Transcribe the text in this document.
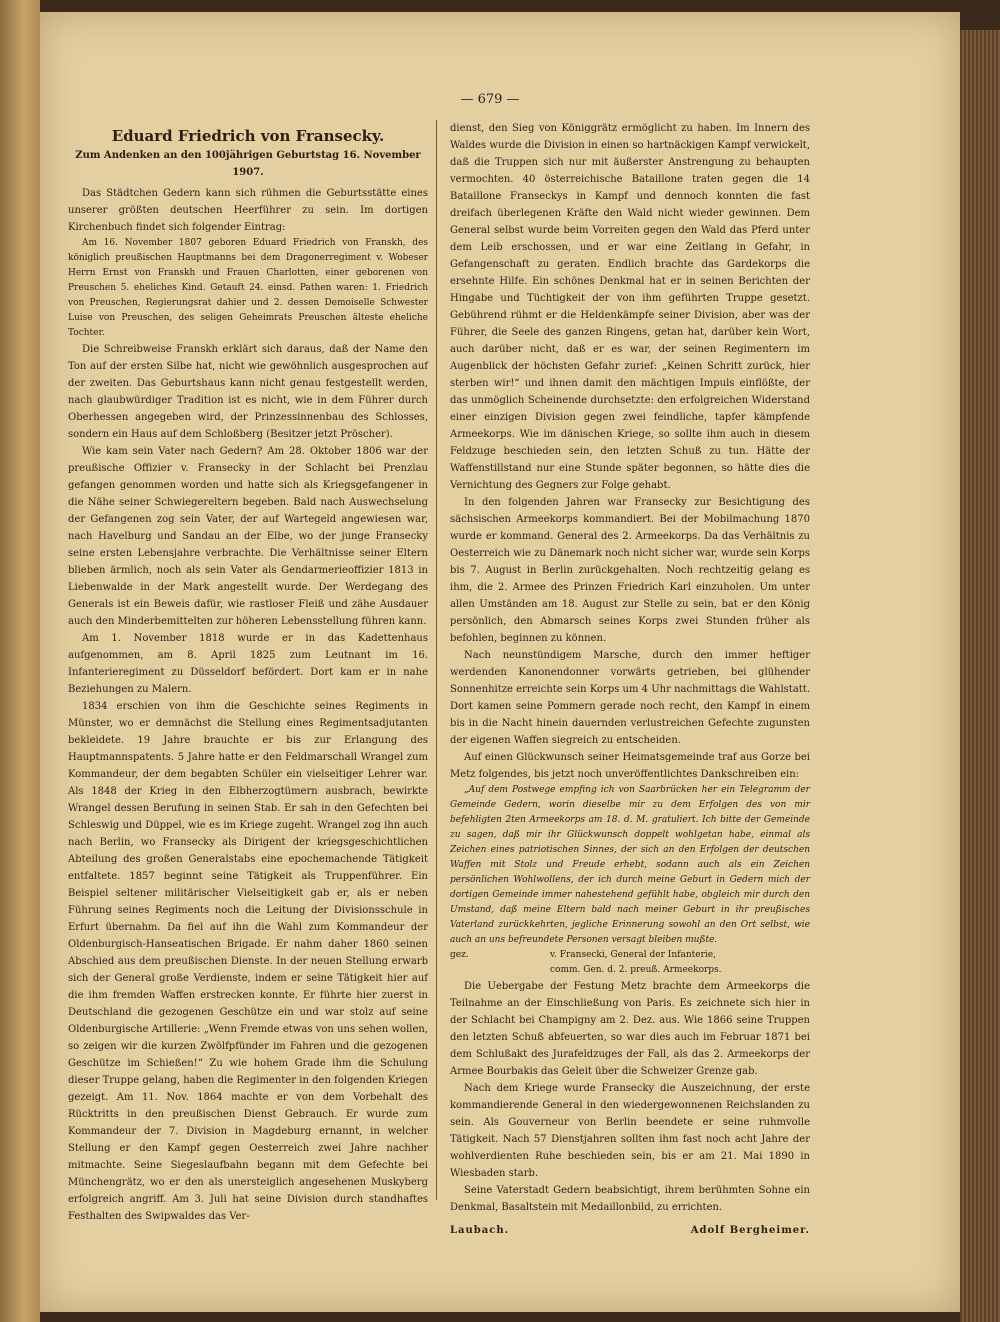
— 679 —
Eduard Friedrich von Fransecky.
Zum Andenken an den 100jährigen Geburtstag 16. November 1907.

Das Städtchen Gedern kann sich rühmen die Geburtsstätte eines unserer größten deutschen Heerführer zu sein. Im dortigen Kirchenbuch findet sich folgender Eintrag:

Am 16. November 1807 geboren Eduard Friedrich von Franskh, des königlich preußischen Hauptmanns bei dem Dragonerregiment v. Wobeser Herrn Ernst von Franskh und Frauen Charlotten, einer geborenen von Preuschen 5. eheliches Kind. Getauft 24. einsd. Pathen waren: 1. Friedrich von Preuschen, Regierungsrat dahier und 2. dessen Demoiselle Schwester Luise von Preuschen, des seligen Geheimrats Preuschen älteste eheliche Tochter.

Die Schreibweise Franskh erklärt sich daraus, daß der Name den Ton auf der ersten Silbe hat, nicht wie gewöhnlich ausgesprochen auf der zweiten. Das Geburtshaus kann nicht genau festgestellt werden, nach glaubwürdiger Tradition ist es nicht, wie in dem Führer durch Oberhessen angegeben wird, der Prinzessinnenbau des Schlosses, sondern ein Haus auf dem Schloßberg (Besitzer jetzt Pröscher).

Wie kam sein Vater nach Gedern? Am 28. Oktober 1806 war der preußische Offizier v. Fransecky in der Schlacht bei Prenzlau gefangen genommen worden und hatte sich als Kriegsgefangener in die Nähe seiner Schwiegereltern begeben. Bald nach Auswechselung der Gefangenen zog sein Vater, der auf Wartegeld angewiesen war, nach Havelburg und Sandau an der Elbe, wo der junge Fransecky seine ersten Lebensjahre verbrachte. Die Verhältnisse seiner Eltern blieben ärmlich, noch als sein Vater als Gendarmerieoffizier 1813 in Liebenwalde in der Mark angestellt wurde. Der Werdegang des Generals ist ein Beweis dafür, wie rastloser Fleiß und zähe Ausdauer auch den Minderbemittelten zur höheren Lebensstellung führen kann.

Am 1. November 1818 wurde er in das Kadettenhaus aufgenommen, am 8. April 1825 zum Leutnant im 16. Infanterieregiment zu Düsseldorf befördert. Dort kam er in nahe Beziehungen zu Malern.

1834 erschien von ihm die Geschichte seines Regiments in Münster, wo er demnächst die Stellung eines Regimentsadjutanten bekleidete. 19 Jahre brauchte er bis zur Erlangung des Hauptmannspatents. 5 Jahre hatte er den Feldmarschall Wrangel zum Kommandeur, der dem begabten Schüler ein vielseitiger Lehrer war. Als 1848 der Krieg in den Elbherzogtümern ausbrach, bewirkte Wrangel dessen Berufung in seinen Stab. Er sah in den Gefechten bei Schleswig und Düppel, wie es im Kriege zugeht. Wrangel zog ihn auch nach Berlin, wo Fransecky als Dirigent der kriegsgeschichtlichen Abteilung des großen Generalstabs eine epochemachende Tätigkeit entfaltete. 1857 beginnt seine Tätigkeit als Truppenführer. Ein Beispiel seltener militärischer Vielseitigkeit gab er, als er neben Führung seines Regiments noch die Leitung der Divisionsschule in Erfurt übernahm. Da fiel auf ihn die Wahl zum Kommandeur der Oldenburgisch-Hanseatischen Brigade. Er nahm daher 1860 seinen Abschied aus dem preußischen Dienste. In der neuen Stellung erwarb sich der General große Verdienste, indem er seine Tätigkeit hier auf die ihm fremden Waffen erstrecken konnte. Er führte hier zuerst in Deutschland die gezogenen Geschütze ein und war stolz auf seine Oldenburgische Artillerie: „Wenn Fremde etwas von uns sehen wollen, so zeigen wir die kurzen Zwölfpfünder im Fahren und die gezogenen Geschütze im Schießen!“ Zu wie hohem Grade ihm die Schulung dieser Truppe gelang, haben die Regimenter in den folgenden Kriegen gezeigt. Am 11. Nov. 1864 machte er von dem Vorbehalt des Rücktritts in den preußischen Dienst Gebrauch. Er wurde zum Kommandeur der 7. Division in Magdeburg ernannt, in welcher Stellung er den Kampf gegen Oesterreich zwei Jahre nachher mitmachte. Seine Siegeslaufbahn begann mit dem Gefechte bei Münchengrätz, wo er den als unersteiglich angesehenen Muskyberg erfolgreich angriff. Am 3. Juli hat seine Division durch standhaftes Festhalten des Swipwaldes das Ver-

dienst, den Sieg von Königgrätz ermöglicht zu haben. Im Innern des Waldes wurde die Division in einen so hartnäckigen Kampf verwickelt, daß die Truppen sich nur mit äußerster Anstrengung zu behaupten vermochten. 40 österreichische Bataillone traten gegen die 14 Bataillone Franseckys in Kampf und dennoch konnten die fast dreifach überlegenen Kräfte den Wald nicht wieder gewinnen. Dem General selbst wurde beim Vorreiten gegen den Wald das Pferd unter dem Leib erschossen, und er war eine Zeitlang in Gefahr, in Gefangenschaft zu geraten. Endlich brachte das Gardekorps die ersehnte Hilfe. Ein schönes Denkmal hat er in seinen Berichten der Hingabe und Tüchtigkeit der von ihm geführten Truppe gesetzt. Gebührend rühmt er die Heldenkämpfe seiner Division, aber was der Führer, die Seele des ganzen Ringens, getan hat, darüber kein Wort, auch darüber nicht, daß er es war, der seinen Regimentern im Augenblick der höchsten Gefahr zurief: „Keinen Schritt zurück, hier sterben wir!“ und ihnen damit den mächtigen Impuls einflößte, der das unmöglich Scheinende durchsetzte: den erfolgreichen Widerstand einer einzigen Division gegen zwei feindliche, tapfer kämpfende Armeekorps. Wie im dänischen Kriege, so sollte ihm auch in diesem Feldzuge beschieden sein, den letzten Schuß zu tun. Hätte der Waffenstillstand nur eine Stunde später begonnen, so hätte dies die Vernichtung des Gegners zur Folge gehabt.

In den folgenden Jahren war Fransecky zur Besichtigung des sächsischen Armeekorps kommandiert. Bei der Mobilmachung 1870 wurde er kommand. General des 2. Armeekorps. Da das Verhältnis zu Oesterreich wie zu Dänemark noch nicht sicher war, wurde sein Korps bis 7. August in Berlin zurückgehalten. Noch rechtzeitig gelang es ihm, die 2. Armee des Prinzen Friedrich Karl einzuholen. Um unter allen Umständen am 18. August zur Stelle zu sein, bat er den König persönlich, den Abmarsch seines Korps zwei Stunden früher als befohlen, beginnen zu können.

Nach neunstündigem Marsche, durch den immer heftiger werdenden Kanonendonner vorwärts getrieben, bei glühender Sonnenhitze erreichte sein Korps um 4 Uhr nachmittags die Wahlstatt. Dort kamen seine Pommern gerade noch recht, den Kampf in einem bis in die Nacht hinein dauernden verlustreichen Gefechte zugunsten der eigenen Waffen siegreich zu entscheiden.

Auf einen Glückwunsch seiner Heimatsgemeinde traf aus Gorze bei Metz folgendes, bis jetzt noch unveröffentlichtes Dankschreiben ein:

„Auf dem Postwege empfing ich von Saarbrücken her ein Telegramm der Gemeinde Gedern, worin dieselbe mir zu dem Erfolgen des von mir befehligten 2ten Armeekorps am 18. d. M. gratuliert. Ich bitte der Gemeinde zu sagen, daß mir ihr Glückwunsch doppelt wohlgetan habe, einmal als Zeichen eines patriotischen Sinnes, der sich an den Erfolgen der deutschen Waffen mit Stolz und Freude erhebt, sodann auch als ein Zeichen persönlichen Wohlwollens, der ich durch meine Geburt in Gedern mich der dortigen Gemeinde immer nahestehend gefühlt habe, obgleich mir durch den Umstand, daß meine Eltern bald nach meiner Geburt in ihr preußisches Vaterland zurückkehrten, jegliche Erinnerung sowohl an den Ort selbst, wie auch an uns befreundete Personen versagt bleiben mußte.

gez.	v. Fransecki, General der Infanterie,
comm. Gen. d. 2. preuß. Armeekorps.

Die Uebergabe der Festung Metz brachte dem Armeekorps die Teilnahme an der Einschließung von Paris. Es zeichnete sich hier in der Schlacht bei Champigny am 2. Dez. aus. Wie 1866 seine Truppen den letzten Schuß abfeuerten, so war dies auch im Februar 1871 bei dem Schlußakt des Jurafeldzuges der Fall, als das 2. Armeekorps der Armee Bourbakis das Geleit über die Schweizer Grenze gab.

Nach dem Kriege wurde Fransecky die Auszeichnung, der erste kommandierende General in den wiedergewonnenen Reichslanden zu sein. Als Gouverneur von Berlin beendete er seine ruhmvolle Tätigkeit. Nach 57 Dienstjahren sollten ihm fast noch acht Jahre der wohlverdienten Ruhe beschieden sein, bis er am 21. Mai 1890 in Wiesbaden starb.

Seine Vaterstadt Gedern beabsichtigt, ihrem berühmten Sohne ein Denkmal, Basaltstein mit Medaillonbild, zu errichten.

Laubach.	Adolf Bergheimer.
